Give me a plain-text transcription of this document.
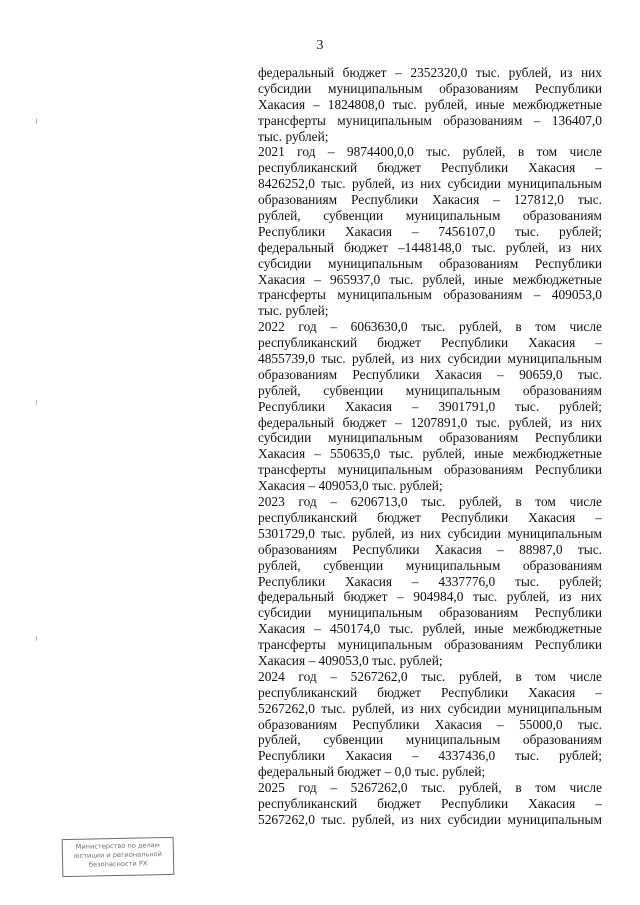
3
федеральный бюджет – 2352320,0 тыс. рублей, из них
субсидии муниципальным образованиям Республики
Хакасия – 1824808,0 тыс. рублей, иные межбюджетные
трансферты муниципальным образованиям – 136407,0
тыс. рублей;
2021 год – 9874400,0,0 тыс. рублей, в том числе
республиканский бюджет Республики Хакасия –
8426252,0 тыс. рублей, из них субсидии муниципальным
образованиям Республики Хакасия – 127812,0 тыс.
рублей, субвенции муниципальным образованиям
Республики Хакасия – 7456107,0 тыс. рублей;
федеральный бюджет –1448148,0 тыс. рублей, из них
субсидии муниципальным образованиям Республики
Хакасия – 965937,0 тыс. рублей, иные межбюджетные
трансферты муниципальным образованиям – 409053,0
тыс. рублей;
2022 год – 6063630,0 тыс. рублей, в том числе
республиканский бюджет Республики Хакасия –
4855739,0 тыс. рублей, из них субсидии муниципальным
образованиям Республики Хакасия – 90659,0 тыс.
рублей, субвенции муниципальным образованиям
Республики Хакасия – 3901791,0 тыс. рублей;
федеральный бюджет – 1207891,0 тыс. рублей, из них
субсидии муниципальным образованиям Республики
Хакасия – 550635,0 тыс. рублей, иные межбюджетные
трансферты муниципальным образованиям Республики
Хакасия – 409053,0 тыс. рублей;
2023 год – 6206713,0 тыс. рублей, в том числе
республиканский бюджет Республики Хакасия –
5301729,0 тыс. рублей, из них субсидии муниципальным
образованиям Республики Хакасия – 88987,0 тыс.
рублей, субвенции муниципальным образованиям
Республики Хакасия – 4337776,0 тыс. рублей;
федеральный бюджет – 904984,0 тыс. рублей, из них
субсидии муниципальным образованиям Республики
Хакасия – 450174,0 тыс. рублей, иные межбюджетные
трансферты муниципальным образованиям Республики
Хакасия – 409053,0 тыс. рублей;
2024 год – 5267262,0 тыс. рублей, в том числе
республиканский бюджет Республики Хакасия –
5267262,0 тыс. рублей, из них субсидии муниципальным
образованиям Республики Хакасия – 55000,0 тыс.
рублей, субвенции муниципальным образованиям
Республики Хакасия – 4337436,0 тыс. рублей;
федеральный бюджет – 0,0 тыс. рублей;
2025 год – 5267262,0 тыс. рублей, в том числе
республиканский бюджет Республики Хакасия –
5267262,0 тыс. рублей, из них субсидии муниципальным
Министерство по делам
юстиции и региональной
безопасности РХ
